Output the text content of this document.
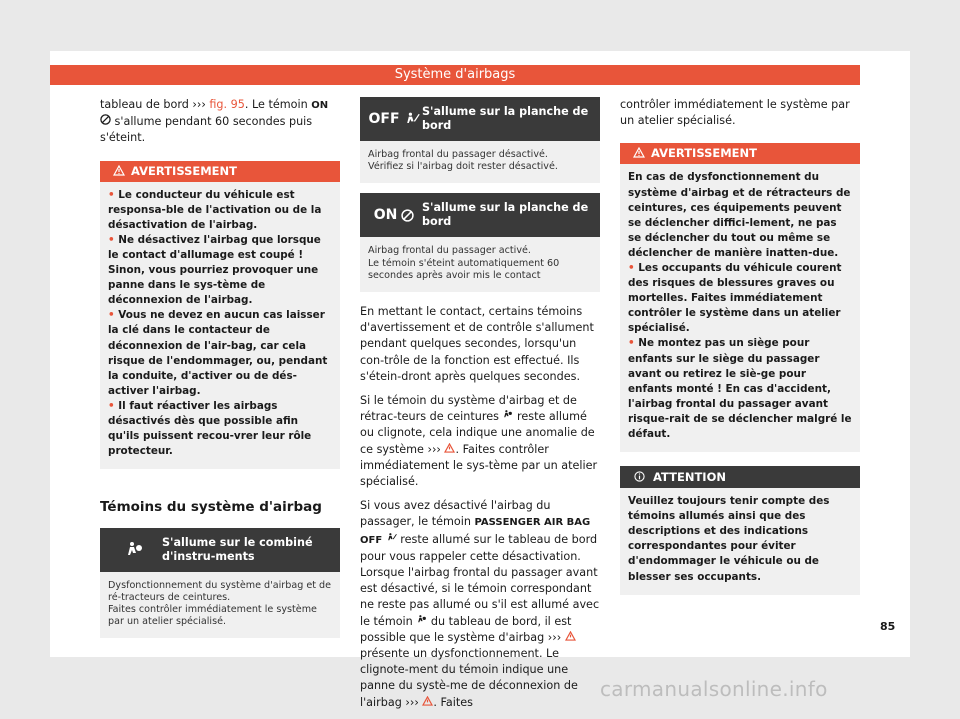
Système d'airbags

tableau de bord ››› fig. 95. Le témoin ON  s'allume pendant 60 secondes puis s'éteint.

AVERTISSEMENT

• Le conducteur du véhicule est responsa-ble de l'activation ou de la désactivation de l'airbag.

• Ne désactivez l'airbag que lorsque le contact d'allumage est coupé ! Sinon, vous pourriez provoquer une panne dans le sys-tème de déconnexion de l'airbag.

• Vous ne devez en aucun cas laisser la clé dans le contacteur de déconnexion de l'air-bag, car cela risque de l'endommager, ou, pendant la conduite, d'activer ou de dés-activer l'airbag.

• Il faut réactiver les airbags désactivés dès que possible afin qu'ils puissent recou-vrer leur rôle protecteur.

Témoins du système d'airbag
S'allume sur le combiné d'instru-ments
Dysfonctionnement du système d'airbag et de ré-tracteurs de ceintures.
Faites contrôler immédiatement le système par un atelier spécialisé.
OFF S'allume sur la planche de bord
Airbag frontal du passager désactivé.
Vérifiez si l'airbag doit rester désactivé.
ON S'allume sur la planche de bord
Airbag frontal du passager activé.
Le témoin s'éteint automatiquement 60 secondes après avoir mis le contact

En mettant le contact, certains témoins d'avertissement et de contrôle s'allument pendant quelques secondes, lorsqu'un con-trôle de la fonction est effectué. Ils s'étein-dront après quelques secondes.

Si le témoin du système d'airbag et de rétrac-teurs de ceintures  reste allumé ou clignote, cela indique une anomalie de ce système ››› . Faites contrôler immédiatement le sys-tème par un atelier spécialisé.

Si vous avez désactivé l'airbag du passager, le témoin PASSENGER AIR BAG OFF  reste allumé sur le tableau de bord pour vous rappeler cette désactivation. Lorsque l'airbag frontal du passager avant est désactivé, si le témoin correspondant ne reste pas allumé ou s'il est allumé avec le témoin  du tableau de bord, il est possible que le système d'airbag ›››  présente un dysfonctionnement. Le clignote-ment du témoin indique une panne du systè-me de déconnexion de l'airbag ››› . Faites

contrôler immédiatement le système par un atelier spécialisé.

AVERTISSEMENT

En cas de dysfonctionnement du système d'airbag et de rétracteurs de ceintures, ces équipements peuvent se déclencher diffici-lement, ne pas se déclencher du tout ou même se déclencher de manière inatten-due.

• Les occupants du véhicule courent des risques de blessures graves ou mortelles. Faites immédiatement contrôler le système dans un atelier spécialisé.

• Ne montez pas un siège pour enfants sur le siège du passager avant ou retirez le siè-ge pour enfants monté ! En cas d'accident, l'airbag frontal du passager avant risque-rait de se déclencher malgré le défaut.

ATTENTION
Veuillez toujours tenir compte des témoins allumés ainsi que des descriptions et des indications correspondantes pour éviter d'endommager le véhicule ou de blesser ses occupants.
85
carmanualsonline.info
